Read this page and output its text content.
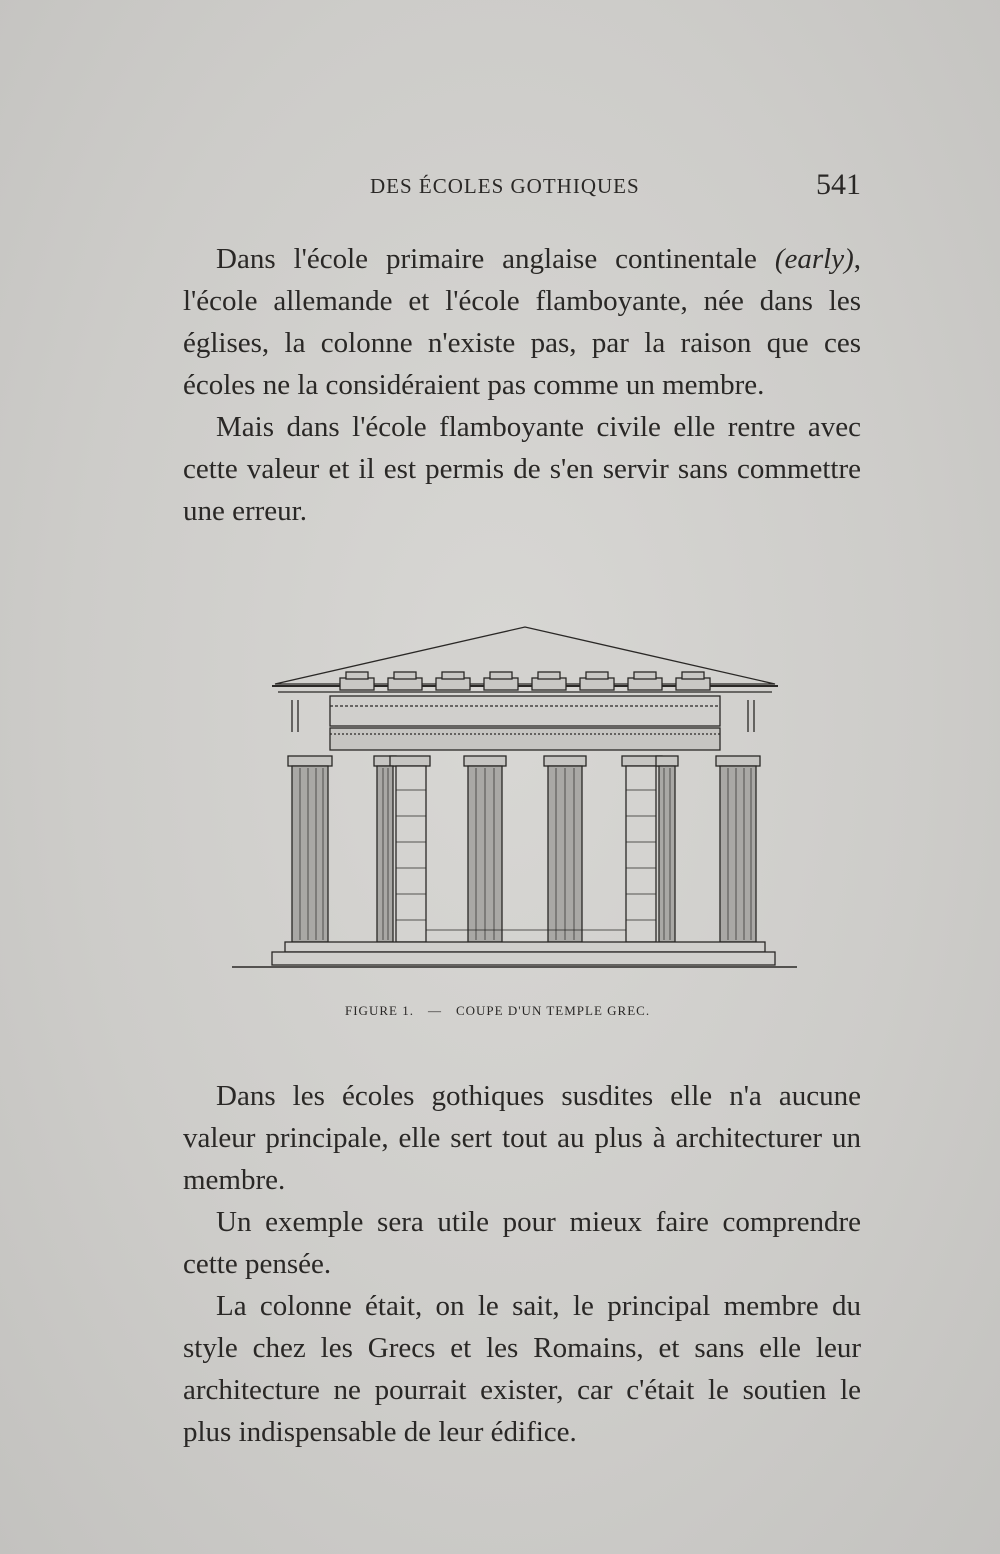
DES ÉCOLES GOTHIQUES	541

Dans l'école primaire anglaise continentale (early), l'école allemande et l'école flamboyante, née dans les églises, la colonne n'existe pas, par la raison que ces écoles ne la considéraient pas comme un membre.

Mais dans l'école flamboyante civile elle rentre avec cette valeur et il est permis de s'en servir sans commettre une erreur.

FIGURE 1. — COUPE D'UN TEMPLE GREC.

Dans les écoles gothiques susdites elle n'a aucune valeur principale, elle sert tout au plus à architecturer un membre.

Un exemple sera utile pour mieux faire comprendre cette pensée.

La colonne était, on le sait, le principal membre du style chez les Grecs et les Romains, et sans elle leur architecture ne pourrait exister, car c'était le soutien le plus indispensable de leur édifice.
